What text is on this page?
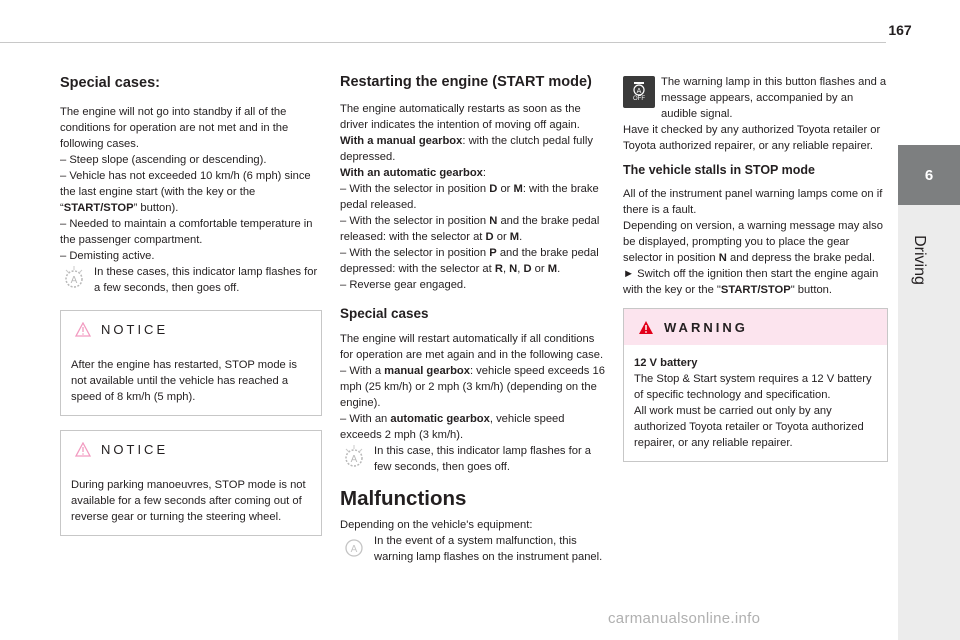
167
6
Driving
Special cases:

The engine will not go into standby if all of the conditions for operation are not met and in the following cases.
– Steep slope (ascending or descending).
– Vehicle has not exceeded 10 km/h (6 mph) since the last engine start (with the key or the “START/STOP” button).
– Needed to maintain a comfortable temperature in the passenger compartment.
– Demisting active.

A

In these cases, this indicator lamp flashes for a few seconds, then goes off.

NOTICE

After the engine has restarted, STOP mode is not available until the vehicle has reached a speed of 8 km/h (5 mph).

NOTICE

During parking manoeuvres, STOP mode is not available for a few seconds after coming out of reverse gear or turning the steering wheel.

Restarting the engine (START mode)

The engine automatically restarts as soon as the driver indicates the intention of moving off again.

With a manual gearbox: with the clutch pedal fully depressed.

With an automatic gearbox:

– With the selector in position D or M: with the brake pedal released.

– With the selector in position N and the brake pedal released: with the selector at D or M.

– With the selector in position P and the brake pedal depressed: with the selector at R, N, D or M.

– Reverse gear engaged.

Special cases

The engine will restart automatically if all conditions for operation are met again and in the following case.

– With a manual gearbox: vehicle speed exceeds 16 mph (25 km/h) or 2 mph (3 km/h) (depending on the engine).

– With an automatic gearbox, vehicle speed exceeds 2 mph (3 km/h).

A

In this case, this indicator lamp flashes for a few seconds, then goes off.

Malfunctions

Depending on the vehicle's equipment:

A

In the event of a system malfunction, this warning lamp flashes on the instrument panel.

A
OFF

The warning lamp in this button flashes and a message appears, accompanied by an audible signal.

Have it checked by any authorized Toyota retailer or Toyota authorized repairer, or any reliable repairer.

The vehicle stalls in STOP mode

All of the instrument panel warning lamps come on if there is a fault.

Depending on version, a warning message may also be displayed, prompting you to place the gear selector in position N and depress the brake pedal.

► Switch off the ignition then start the engine again with the key or the "START/STOP" button.

WARNING

12 V battery

The Stop & Start system requires a 12 V battery of specific technology and specification.

All work must be carried out only by any authorized Toyota retailer or Toyota authorized repairer, or any reliable repairer.

carmanualsonline.info
